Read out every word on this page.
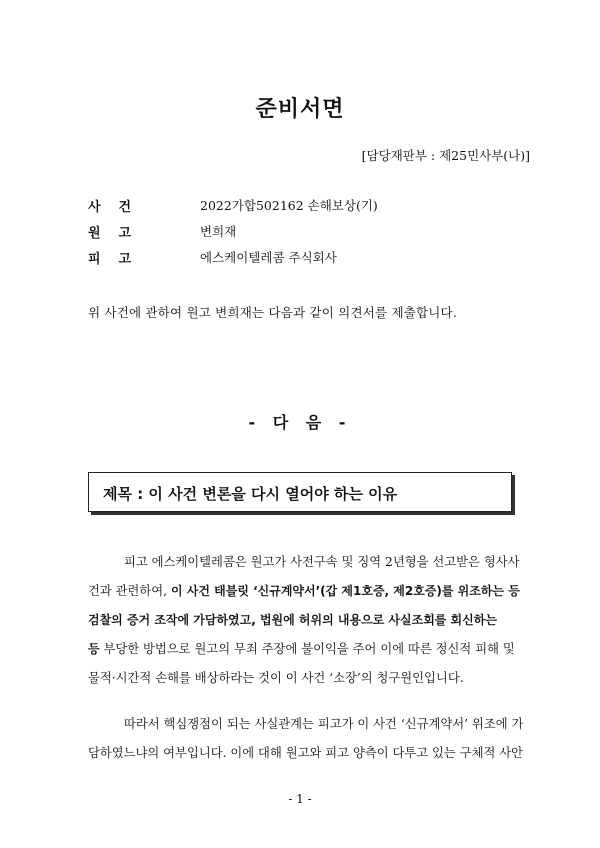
준비서면
[담당재판부 : 제25민사부(나)]
사건	2022가합502162 손해보상(기)
원고	변희재
피고	에스케이텔레콤 주식회사
위 사건에 관하여 원고 변희재는 다음과 같이 의견서를 제출합니다.
- 다 음 -
제목 : 이 사건 변론을 다시 열어야 하는 이유
피고 에스케이텔레콤은 원고가 사전구속 및 징역 2년형을 선고받은 형사사
건과 관련하여, 이 사건 태블릿 ‘신규계약서’(갑 제1호증, 제2호증)를 위조하는 등
검찰의 증거 조작에 가담하였고, 법원에 허위의 내용으로 사실조회를 회신하는
등 부당한 방법으로 원고의 무죄 주장에 불이익을 주어 이에 따른 정신적 피해 및
물적·시간적 손해를 배상하라는 것이 이 사건 ‘소장’의 청구원인입니다.
따라서 핵심쟁점이 되는 사실관계는 피고가 이 사건 ‘신규계약서’ 위조에 가
담하였느냐의 여부입니다. 이에 대해 원고와 피고 양측이 다투고 있는 구체적 사안
- 1 -
